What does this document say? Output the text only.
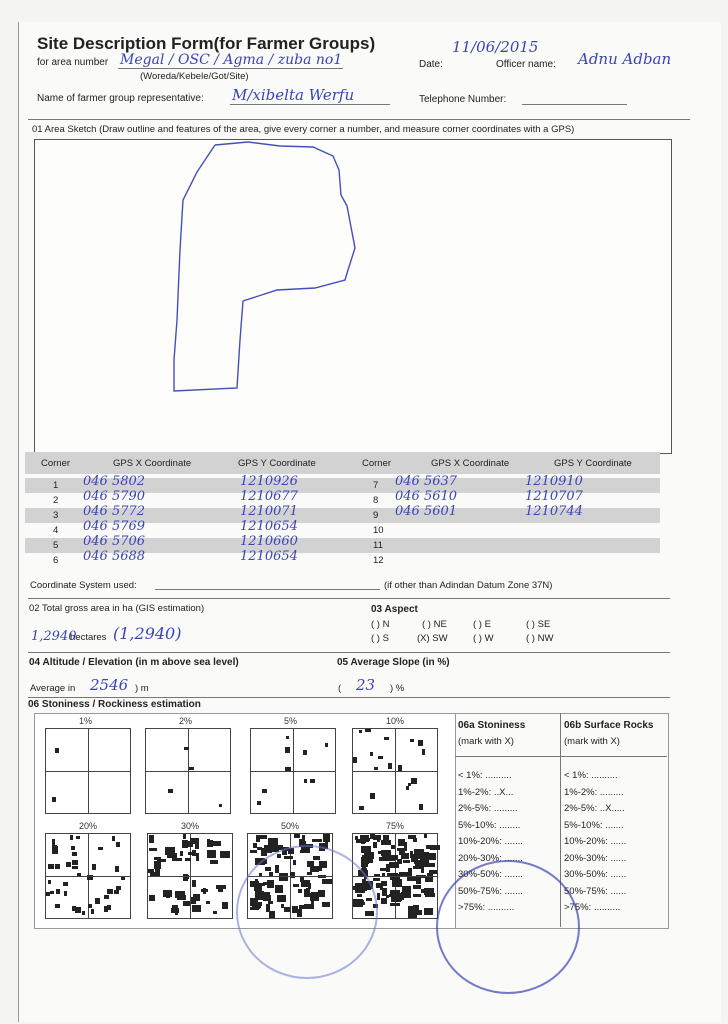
Site Description Form(for Farmer Groups)
for area number Megal / OSC / Agma / zuba no1
(Woreda/Kebele/Got/Site)
Date:
11/06/2015
Officer name: Adnu Adban
Name of farmer group representative: M/xibelta Werfu	Telephone Number:
01 Area Sketch (Draw outline and features of the area, give every corner a number, and measure corner coordinates with a GPS)
Corner	GPS X Coordinate	GPS Y Coordinate	Corner	GPS X Coordinate	GPS Y Coordinate
1 046 5802	1210926	7 046 5637	1210910
2 046 5790	1210677	8 046 5610	1210707
3 046 5772	1210071	9 046 5601	1210744
4 046 5769	1210654	10
5 046 5706	1210660	11
6 046 5688	1210654	12
Coordinate System used:	(if other than Adindan Datum Zone 37N)
02 Total gross area in ha (GIS estimation)
1,2940
hectares (1,2940)
03 Aspect
( ) N	( ) NE	( ) E	( ) SE
( ) S	(X) SW	( ) W	( ) NW
04 Altitude / Elevation (in m above sea level)
Average in 2546 ) m
05 Average Slope (in %)
( 23 ) %
06 Stoniness / Rockiness estimation
1%	2%	5%	10%
20%	30%	50%	75%
06a Stoniness
(mark with X)
06b Surface Rocks
(mark with X)
< 1%: ..........	< 1%: ..........
1%-2%: ..X...	1%-2%: .........
2%-5%: .........	2%-5%: ..X.....
5%-10%: ........	5%-10%: .......
10%-20%: .......	10%-20%: ......
20%-30%: .......	20%-30%: ......
30%-50%: .......	30%-50%: ......
50%-75%: .......	50%-75%: ......
>75%: ..........	>75%: ..........
